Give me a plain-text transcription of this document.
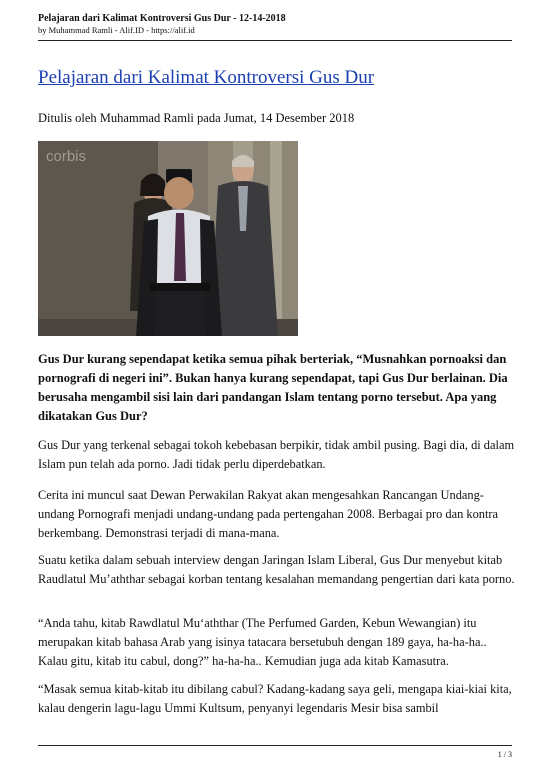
Pelajaran dari Kalimat Kontroversi Gus Dur - 12-14-2018
by Muhammad Ramli - Alif.ID - https://alif.id
Pelajaran dari Kalimat Kontroversi Gus Dur
Ditulis oleh Muhammad Ramli pada Jumat, 14 Desember 2018
corbis
Gus Dur kurang sependapat ketika semua pihak berteriak, “Musnahkan pornoaksi dan pornografi di negeri ini”. Bukan hanya kurang sependapat, tapi Gus Dur berlainan. Dia berusaha mengambil sisi lain dari pandangan Islam tentang porno tersebut. Apa yang dikatakan Gus Dur?
Gus Dur yang terkenal sebagai tokoh kebebasan berpikir, tidak ambil pusing. Bagi dia, di dalam Islam pun telah ada porno. Jadi tidak perlu diperdebatkan.
Cerita ini muncul saat Dewan Perwakilan Rakyat akan mengesahkan Rancangan Undang-undang Pornografi menjadi undang-undang pada pertengahan 2008. Berbagai pro dan kontra berkembang. Demonstrasi terjadi di mana-mana.
Suatu ketika dalam sebuah interview dengan Jaringan Islam Liberal, Gus Dur menyebut kitab Raudlatul Mu’aththar sebagai korban tentang kesalahan memandang pengertian dari kata porno.
“Anda tahu, kitab Rawdlatul Mu‘aththar (The Perfumed Garden, Kebun Wewangian) itu merupakan kitab bahasa Arab yang isinya tatacara bersetubuh dengan 189 gaya, ha-ha-ha.. Kalau gitu, kitab itu cabul, dong?” ha-ha-ha.. Kemudian juga ada kitab Kamasutra.
“Masak semua kitab-kitab itu dibilang cabul? Kadang-kadang saya geli, mengapa kiai-kiai kita, kalau dengerin lagu-lagu Ummi Kultsum, penyanyi legendaris Mesir bisa sambil
1 / 3
